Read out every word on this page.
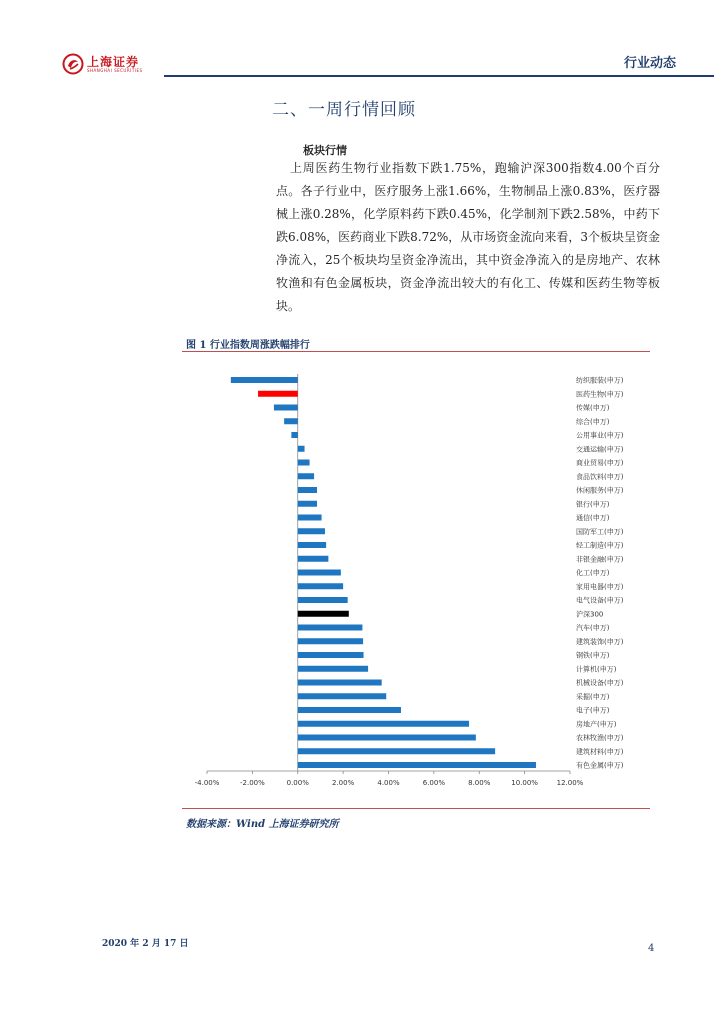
上海证券
SHANGHAI SECURITIES	行业动态
二、一周行情回顾
板块行情

上周医药生物行业指数下跌1.75%，跑输沪深300指数4.00个百分点。各子行业中，医疗服务上涨1.66%，生物制品上涨0.83%，医疗器械上涨0.28%，化学原料药下跌0.45%，化学制剂下跌2.58%，中药下跌6.08%，医药商业下跌8.72%，从市场资金流向来看，3个板块呈资金净流入，25个板块均呈资金净流出，其中资金净流入的是房地产、农林牧渔和有色金属板块，资金净流出较大的有化工、传媒和医药生物等板块。

图 1 行业指数周涨跌幅排行
-4.00%	-2.00%	0.00%	2.00%	4.00%	6.00%	8.00%	10.00%	12.00%
纺织服装(申万)
医药生物(申万)
传媒(申万)
综合(申万)
公用事业(申万)
交通运输(申万)
商业贸易(申万)
食品饮料(申万)
休闲服务(申万)
银行(申万)
通信(申万)
国防军工(申万)
轻工制造(申万)
非银金融(申万)
化工(申万)
家用电器(申万)
电气设备(申万)
沪深300
汽车(申万)
建筑装饰(申万)
钢铁(申万)
计算机(申万)
机械设备(申万)
采掘(申万)
电子(申万)
房地产(申万)
农林牧渔(申万)
建筑材料(申万)
有色金属(申万)
数据来源：Wind 上海证券研究所
2020 年 2 月 17 日	4
